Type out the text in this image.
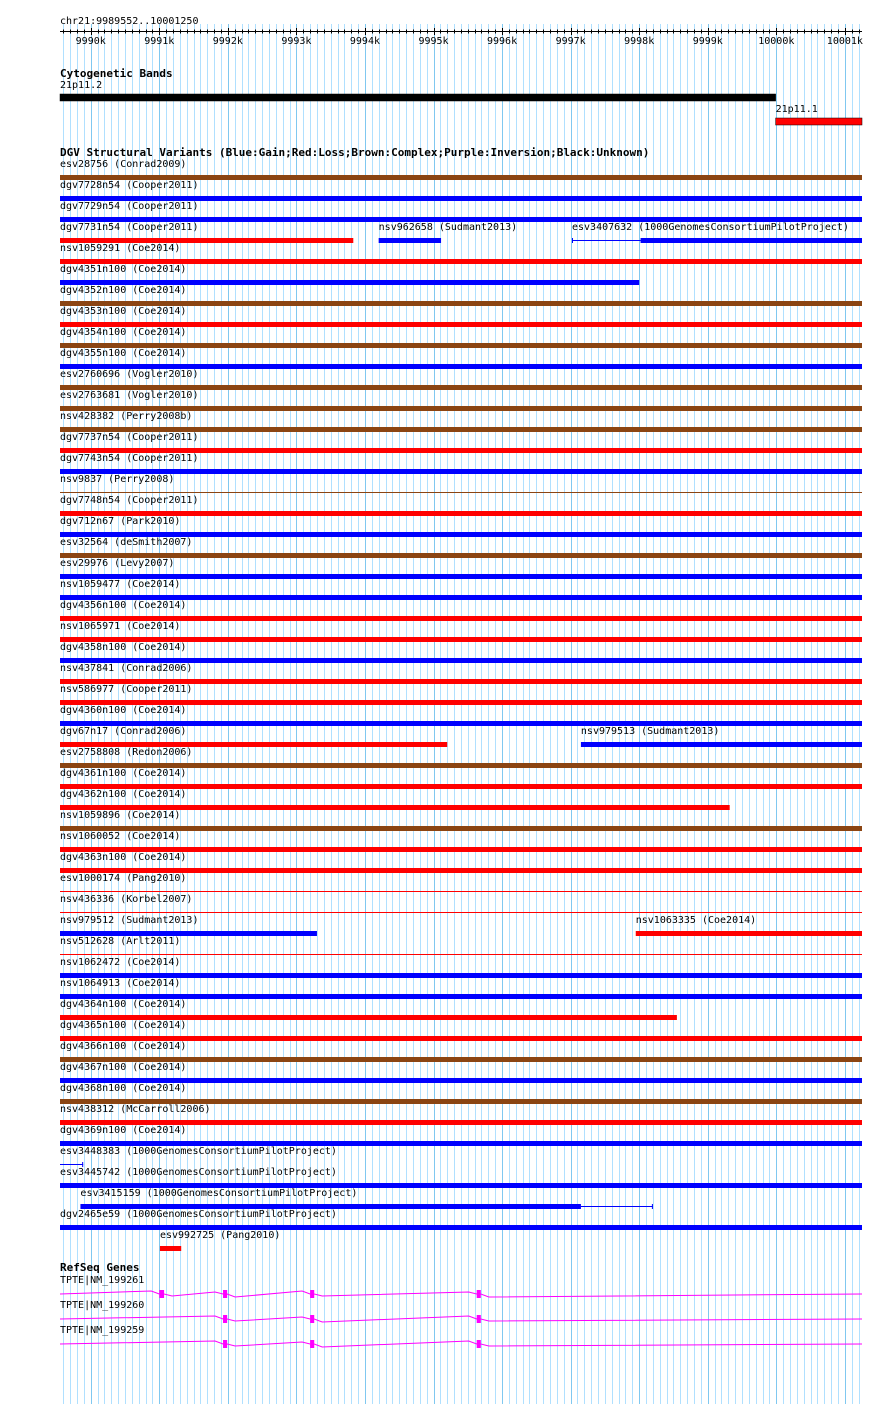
chr21:9989552..10001250
9990k	9991k	9992k	9993k	9994k	9995k	9996k	9997k	9998k	9999k	10000k	10001k
Cytogenetic Bands
21p11.2
21p11.1
DGV Structural Variants (Blue:Gain;Red:Loss;Brown:Complex;Purple:Inversion;Black:Unknown)
esv28756 (Conrad2009)
dgv7728n54 (Cooper2011)
dgv7729n54 (Cooper2011)
dgv7731n54 (Cooper2011)	nsv962658 (Sudmant2013)	esv3407632 (1000GenomesConsortiumPilotProject)
nsv1059291 (Coe2014)
dgv4351n100 (Coe2014)
dgv4352n100 (Coe2014)
dgv4353n100 (Coe2014)
dgv4354n100 (Coe2014)
dgv4355n100 (Coe2014)
esv2760696 (Vogler2010)
esv2763681 (Vogler2010)
nsv428382 (Perry2008b)
dgv7737n54 (Cooper2011)
dgv7743n54 (Cooper2011)
nsv9837 (Perry2008)
dgv7748n54 (Cooper2011)
dgv712n67 (Park2010)
esv32564 (deSmith2007)
esv29976 (Levy2007)
nsv1059477 (Coe2014)
dgv4356n100 (Coe2014)
nsv1065971 (Coe2014)
dgv4358n100 (Coe2014)
nsv437841 (Conrad2006)
nsv586977 (Cooper2011)
dgv4360n100 (Coe2014)
dgv67n17 (Conrad2006)	nsv979513 (Sudmant2013)
esv2758808 (Redon2006)
dgv4361n100 (Coe2014)
dgv4362n100 (Coe2014)
nsv1059896 (Coe2014)
nsv1060052 (Coe2014)
dgv4363n100 (Coe2014)
esv1000174 (Pang2010)
nsv436336 (Korbel2007)
nsv979512 (Sudmant2013)	nsv1063335 (Coe2014)
nsv512628 (Arlt2011)
nsv1062472 (Coe2014)
nsv1064913 (Coe2014)
dgv4364n100 (Coe2014)
dgv4365n100 (Coe2014)
dgv4366n100 (Coe2014)
dgv4367n100 (Coe2014)
dgv4368n100 (Coe2014)
nsv438312 (McCarroll2006)
dgv4369n100 (Coe2014)
esv3448383 (1000GenomesConsortiumPilotProject)
esv3445742 (1000GenomesConsortiumPilotProject)
esv3415159 (1000GenomesConsortiumPilotProject)
dgv2465e59 (1000GenomesConsortiumPilotProject)
esv992725 (Pang2010)
RefSeq Genes
TPTE|NM_199261
TPTE|NM_199260
TPTE|NM_199259
